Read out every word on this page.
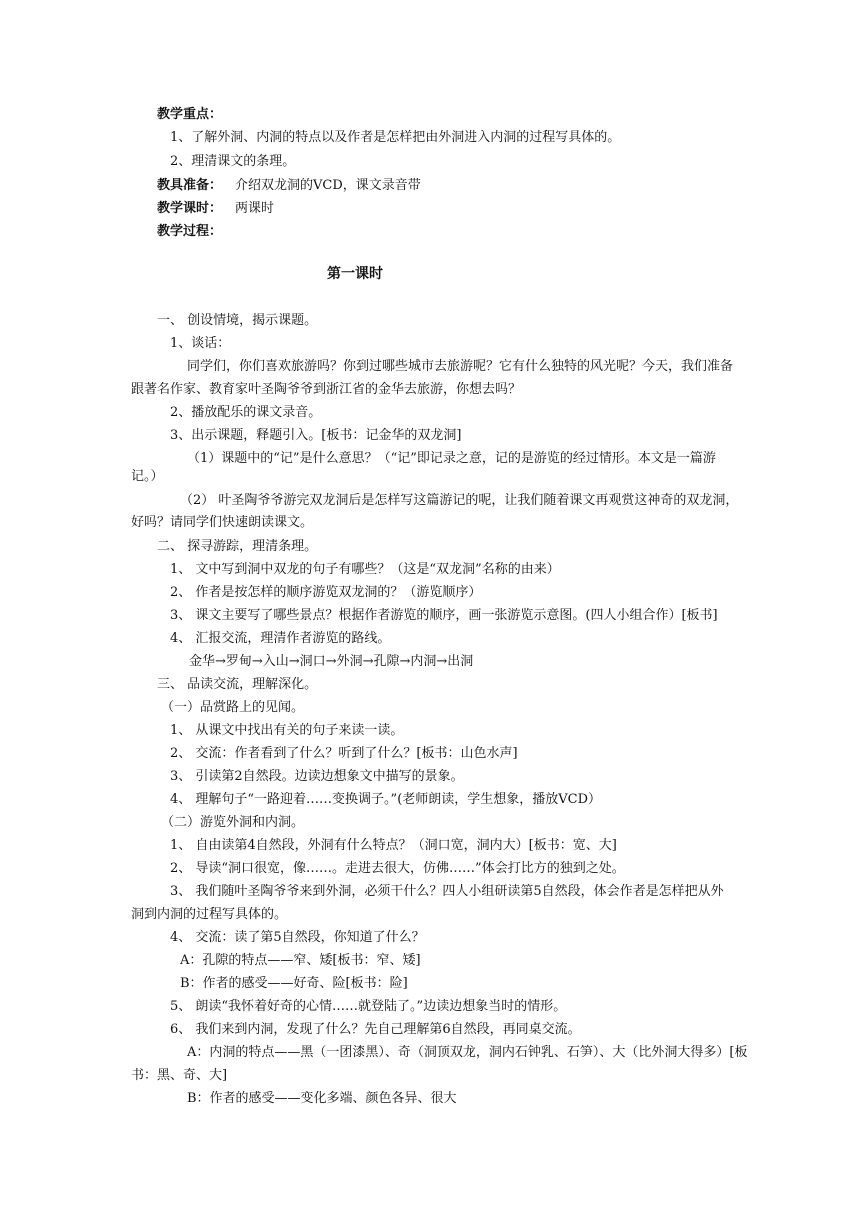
教学重点：
1、了解外洞、内洞的特点以及作者是怎样把由外洞进入内洞的过程写具体的。
2、理清课文的条理。
教具准备： 介绍双龙洞的VCD，课文录音带
教学课时： 两课时
教学过程：
第一课时
一、 创设情境，揭示课题。
1、谈话：
同学们，你们喜欢旅游吗？你到过哪些城市去旅游呢？它有什么独特的风光呢？今天，我们准备
跟著名作家、教育家叶圣陶爷爷到浙江省的金华去旅游，你想去吗？
2、播放配乐的课文录音。
3、出示课题，释题引入。[板书：记金华的双龙洞]
（1）课题中的“记”是什么意思？（“记”即记录之意，记的是游览的经过情形。本文是一篇游
记。）
（2） 叶圣陶爷爷游完双龙洞后是怎样写这篇游记的呢，让我们随着课文再观赏这神奇的双龙洞，
好吗？请同学们快速朗读课文。
二、 探寻游踪，理清条理。
1、 文中写到洞中双龙的句子有哪些？（这是“双龙洞”名称的由来）
2、 作者是按怎样的顺序游览双龙洞的？（游览顺序）
3、 课文主要写了哪些景点？根据作者游览的顺序，画一张游览示意图。(四人小组合作）[板书]
4、 汇报交流，理清作者游览的路线。
金华→罗甸→入山→洞口→外洞→孔隙→内洞→出洞
三、 品读交流，理解深化。
（一）品赏路上的见闻。
1、 从课文中找出有关的句子来读一读。
2、 交流：作者看到了什么？听到了什么？[板书：山色水声]
3、 引读第2自然段。边读边想象文中描写的景象。
4、 理解句子“一路迎着……变换调子。”(老师朗读，学生想象，播放VCD）
（二）游览外洞和内洞。
1、 自由读第4自然段，外洞有什么特点？（洞口宽，洞内大）[板书：宽、大]
2、 导读“洞口很宽，像……。走进去很大，仿佛……”体会打比方的独到之处。
3、 我们随叶圣陶爷爷来到外洞，必须干什么？四人小组研读第5自然段，体会作者是怎样把从外
洞到内洞的过程写具体的。
4、 交流：读了第5自然段，你知道了什么？
A：孔隙的特点——窄、矮[板书：窄、矮]
B：作者的感受——好奇、险[板书：险]
5、 朗读“我怀着好奇的心情……就登陆了。”边读边想象当时的情形。
6、 我们来到内洞，发现了什么？先自己理解第6自然段，再同桌交流。
A：内洞的特点——黑（一团漆黑）、奇（洞顶双龙，洞内石钟乳、石笋）、大（比外洞大得多）[板
书：黑、奇、大]
B：作者的感受——变化多端、颜色各异、很大
